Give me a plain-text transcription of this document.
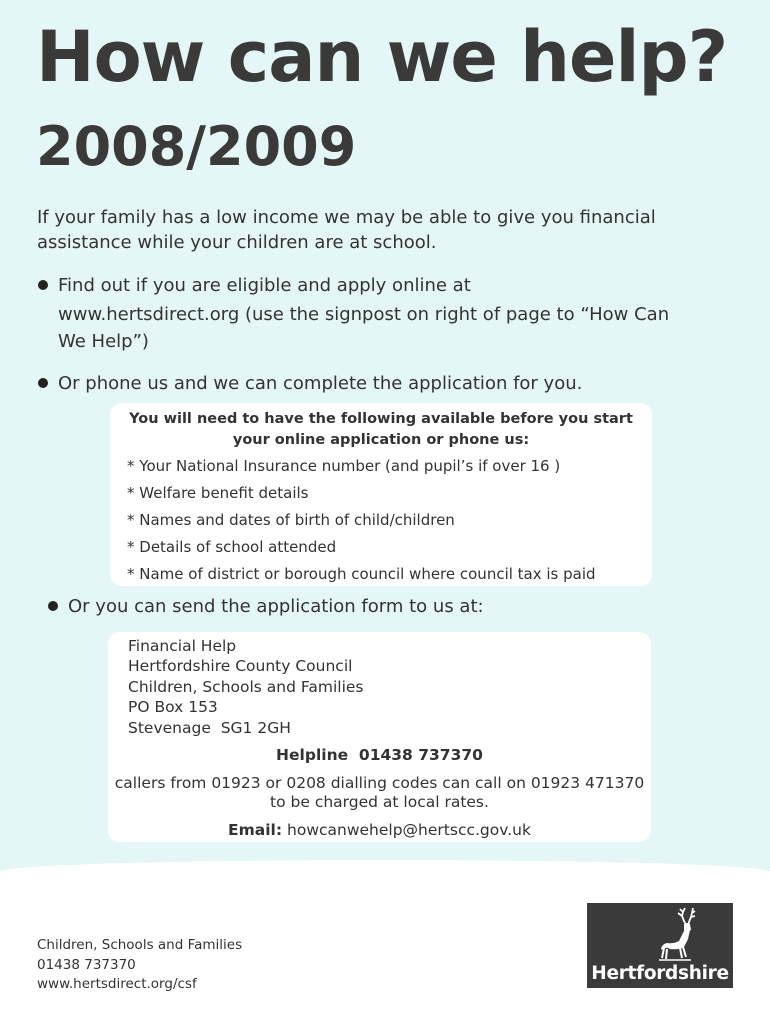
How can we help?
2008/2009

If your family has a low income we may be able to give you financial assistance while your children are at school.

Find out if you are eligible and apply online at
www.hertsdirect.org (use the signpost on right of page to “How Can We Help”)
Or phone us and we can complete the application for you.
You will need to have the following available before you start your online application or phone us:
* Your National Insurance number (and pupil’s if over 16 )
* Welfare benefit details
* Names and dates of birth of child/children
* Details of school attended
* Name of district or borough council where council tax is paid
Or you can send the application form to us at:
Financial Help
Hertfordshire County Council
Children, Schools and Families
PO Box 153
Stevenage  SG1 2GH
Helpline  01438 737370
callers from 01923 or 0208 dialling codes can call on 01923 471370 to be charged at local rates.
Email: howcanwehelp@hertscc.gov.uk
Children, Schools and Families
01438 737370
www.hertsdirect.org/csf	Hertfordshire
